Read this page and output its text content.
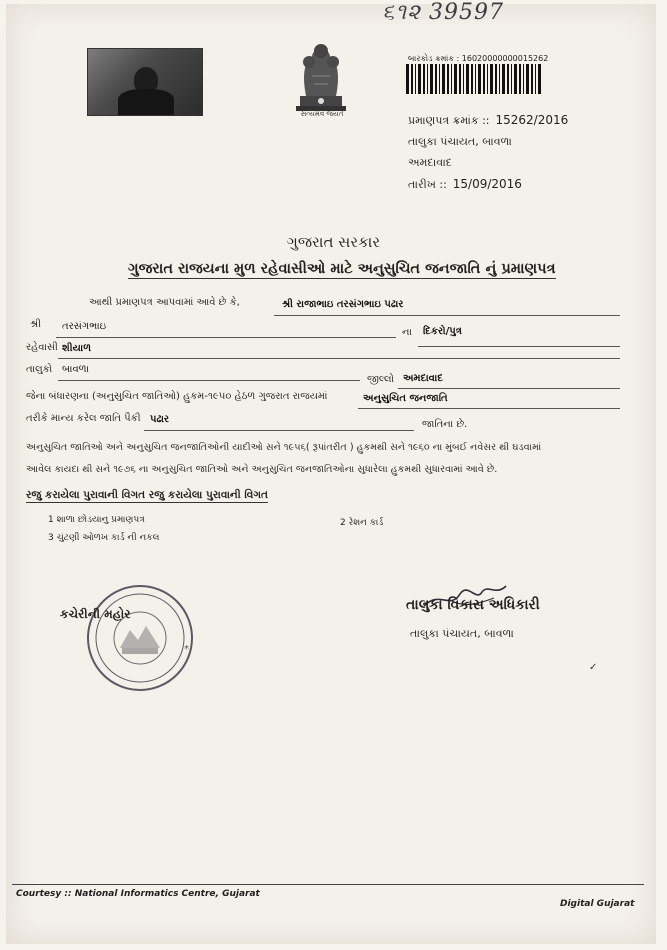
૬૧૨ 39597
સત્યમેવ જયતે
બારકોડ ક્રમાંક : 16020000000015262
પ્રમાણપત્ર ક્રમાંક :: 15262/2016
તાલુકા પંચાયત, બાવળા
અમદાવાદ
તારીખ :: 15/09/2016
ગુજરાત સરકાર
ગુજરાત રાજયના મુળ રહેવાસીઓ માટે અનુસુચિત જનજાતિ નું પ્રમાણપત્ર
આથી પ્રમાણપત્ર આપવામાં આવે છે કે,	શ્રી રાજાભાઇ તરસંગભાઇ પઢાર
શ્રી તરસંગભાઇ
ના દિકરો/પુત્ર
રહેવાસી શીયાળ
તાલુકો બાવળા
જીલ્લો અમદાવાદ
જેના બંધારણના (અનુસુચિત જાતિઓ) હુકમ-૧૯૫૦ હેઠળ ગુજરાત રાજયમાં	અનુસુચિત જનજાતિ
તરીકે માન્ય કરેલ જાતિ પૈકી પઢાર	જાતિના છે.
અનુસુચિત જાતિઓ અને અનુસુચિત જનજાતિઓની યાદીઓ સને ૧૯૫૬( રૂપાંતરીત ) હુકમથી સને ૧૯૬૦ ના મુંબઈ નવેસર થી ઘડવામાં
આવેલ કાયદા થી સને ૧૯૭૬ ના અનુસુચિત જાતિઓ અને અનુસુચિત જનજાતિઓના સુધારેલા હુકમથી સુધારવામાં આવે છે.
રજુ કરાયેલા પુરાવાની વિગત રજુ કરાયેલા પુરાવાની વિગત
1 શાળા છોડયાનુ પ્રમાણપત્ર	2 રેશન કાર્ડ
3 ચુંટણી ઓળખ કાર્ડ ની નકલ
*
કચેરીની મહોર
તાલુકા વિકાસ અધિકારી
તાલુકા પંચાયત, બાવળા
✓
Courtesy :: National Informatics Centre, Gujarat
Digital Gujarat
